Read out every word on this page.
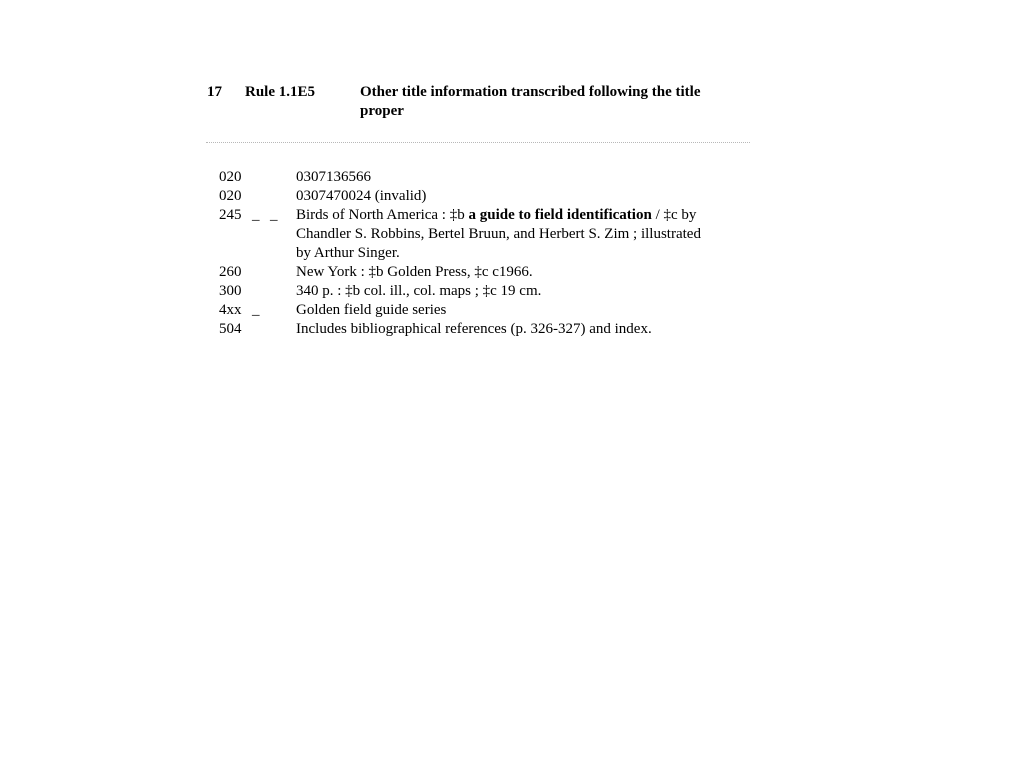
17 Rule 1.1E5	Other title information transcribed following the title proper
020	0307136566
020	0307470024 (invalid)
245 _ _ Birds of North America : ‡b a guide to field identification / ‡c by Chandler S. Robbins, Bertel Bruun, and Herbert S. Zim ; illustrated by Arthur Singer.
260	New York : ‡b Golden Press, ‡c c1966.
300	340 p. : ‡b col. ill., col. maps ; ‡c 19 cm.
4xx _ Golden field guide series
504	Includes bibliographical references (p. 326-327) and index.
